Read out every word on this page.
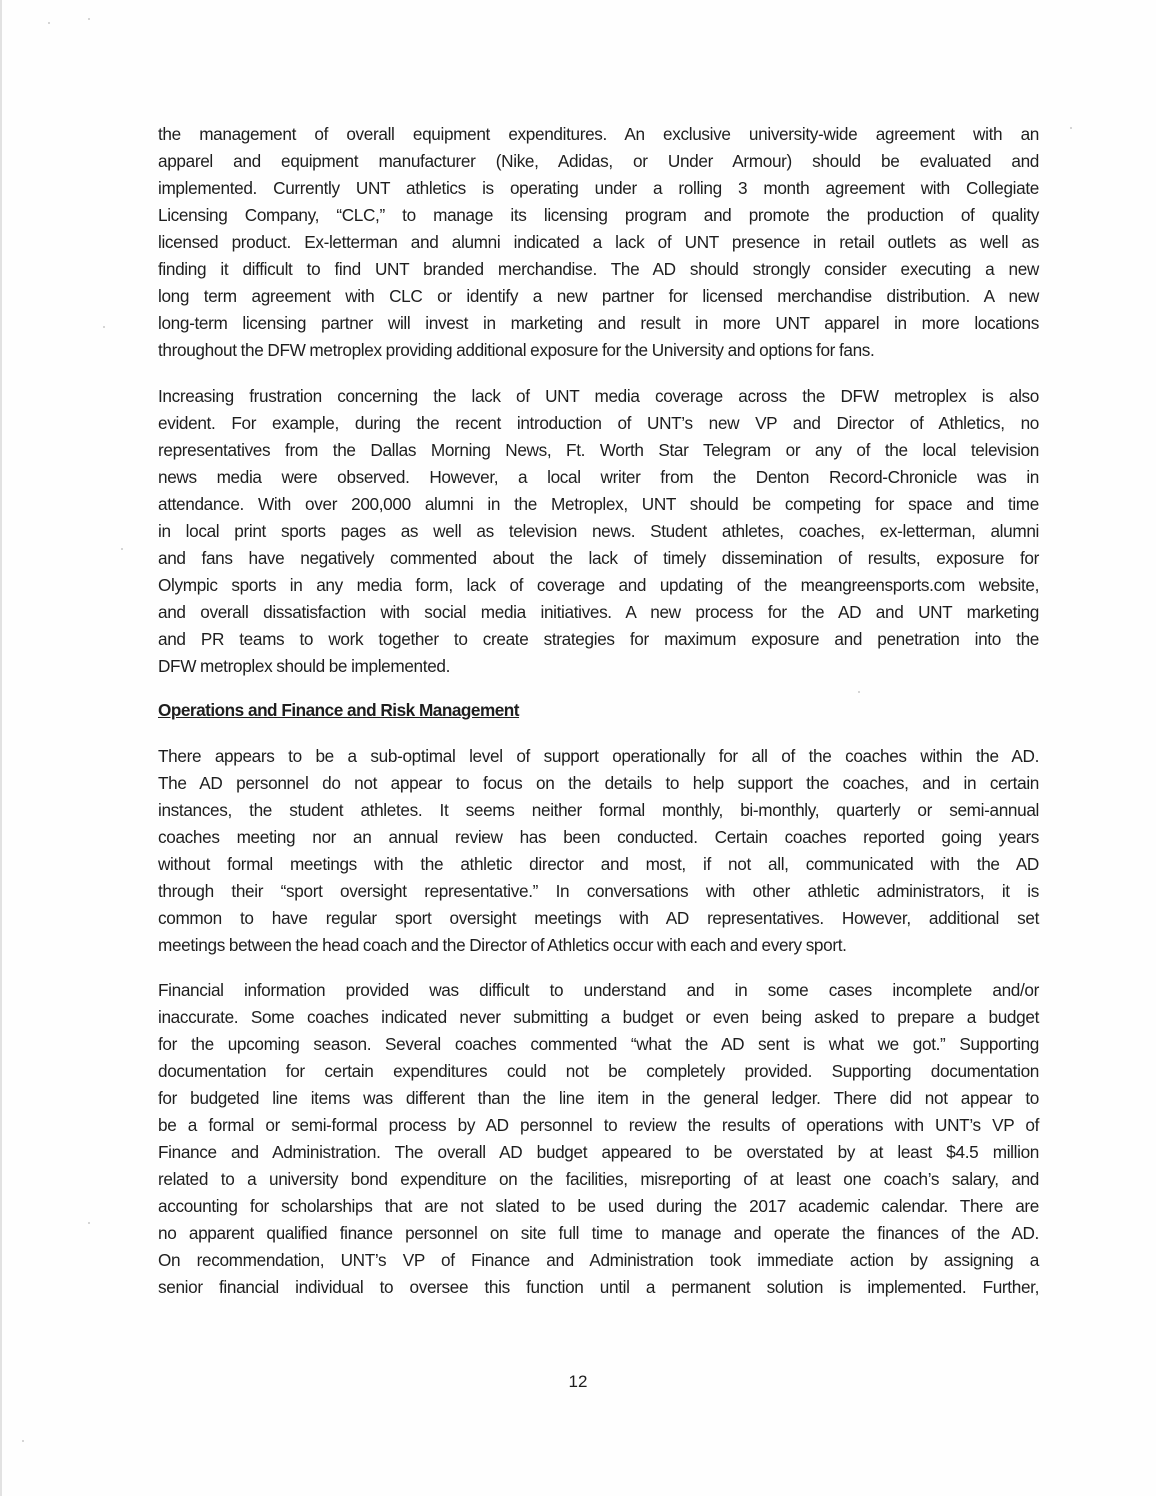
the management of overall equipment expenditures. An exclusive university-wide agreement with an
apparel and equipment manufacturer (Nike, Adidas, or Under Armour) should be evaluated and
implemented. Currently UNT athletics is operating under a rolling 3 month agreement with Collegiate
Licensing Company, “CLC,” to manage its licensing program and promote the production of quality
licensed product. Ex-letterman and alumni indicated a lack of UNT presence in retail outlets as well as
finding it difficult to find UNT branded merchandise. The AD should strongly consider executing a new
long term agreement with CLC or identify a new partner for licensed merchandise distribution. A new
long-term licensing partner will invest in marketing and result in more UNT apparel in more locations
throughout the DFW metroplex providing additional exposure for the University and options for fans.
Increasing frustration concerning the lack of UNT media coverage across the DFW metroplex is also
evident. For example, during the recent introduction of UNT’s new VP and Director of Athletics, no
representatives from the Dallas Morning News, Ft. Worth Star Telegram or any of the local television
news media were observed. However, a local writer from the Denton Record-Chronicle was in
attendance. With over 200,000 alumni in the Metroplex, UNT should be competing for space and time
in local print sports pages as well as television news. Student athletes, coaches, ex-letterman, alumni
and fans have negatively commented about the lack of timely dissemination of results, exposure for
Olympic sports in any media form, lack of coverage and updating of the meangreensports.com website,
and overall dissatisfaction with social media initiatives. A new process for the AD and UNT marketing
and PR teams to work together to create strategies for maximum exposure and penetration into the
DFW metroplex should be implemented.
Operations and Finance and Risk Management
There appears to be a sub-optimal level of support operationally for all of the coaches within the AD.
The AD personnel do not appear to focus on the details to help support the coaches, and in certain
instances, the student athletes. It seems neither formal monthly, bi-monthly, quarterly or semi-annual
coaches meeting nor an annual review has been conducted. Certain coaches reported going years
without formal meetings with the athletic director and most, if not all, communicated with the AD
through their “sport oversight representative.” In conversations with other athletic administrators, it is
common to have regular sport oversight meetings with AD representatives. However, additional set
meetings between the head coach and the Director of Athletics occur with each and every sport.
Financial information provided was difficult to understand and in some cases incomplete and/or
inaccurate. Some coaches indicated never submitting a budget or even being asked to prepare a budget
for the upcoming season. Several coaches commented “what the AD sent is what we got.” Supporting
documentation for certain expenditures could not be completely provided. Supporting documentation
for budgeted line items was different than the line item in the general ledger. There did not appear to
be a formal or semi-formal process by AD personnel to review the results of operations with UNT’s VP of
Finance and Administration. The overall AD budget appeared to be overstated by at least $4.5 million
related to a university bond expenditure on the facilities, misreporting of at least one coach’s salary, and
accounting for scholarships that are not slated to be used during the 2017 academic calendar. There are
no apparent qualified finance personnel on site full time to manage and operate the finances of the AD.
On recommendation, UNT’s VP of Finance and Administration took immediate action by assigning a
senior financial individual to oversee this function until a permanent solution is implemented. Further,
12
